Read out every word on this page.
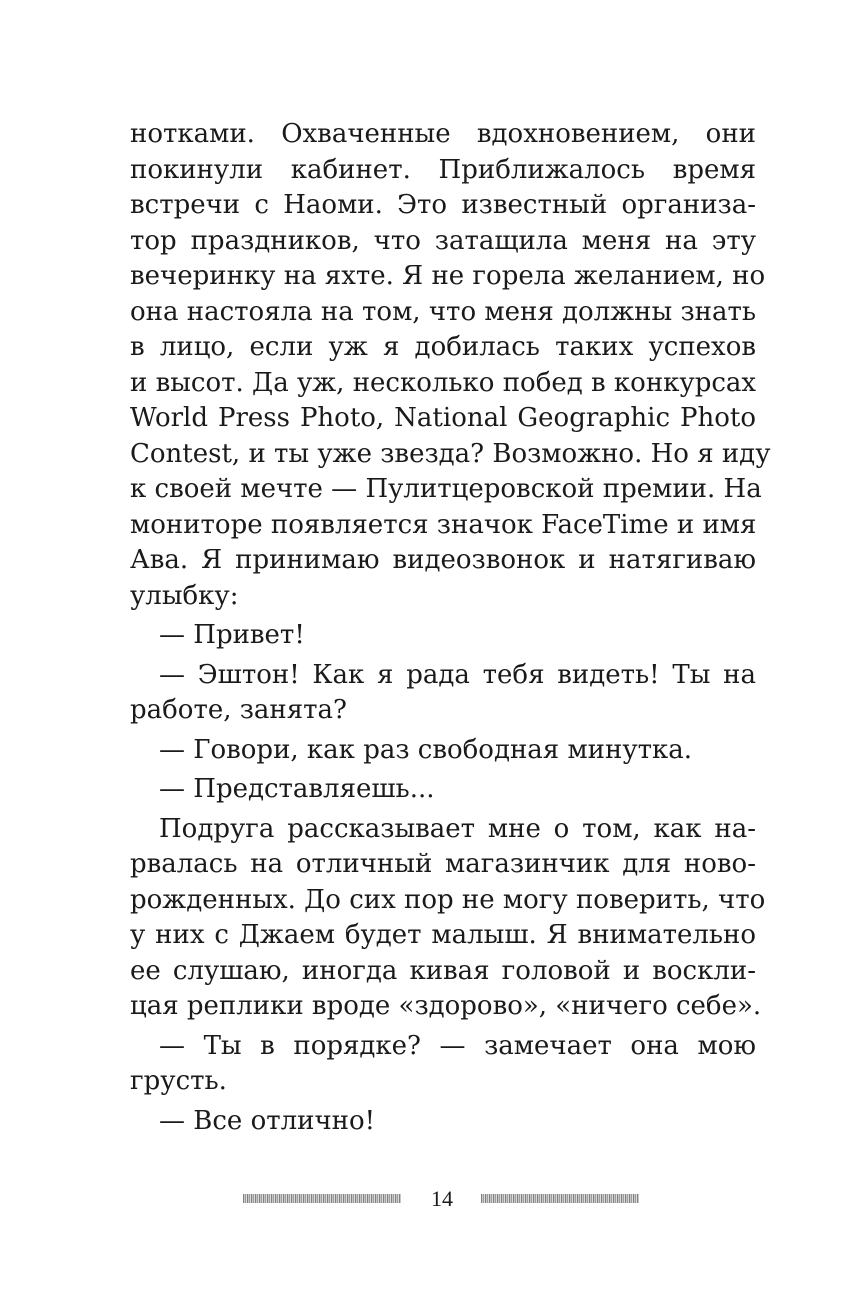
нотками. Охваченные вдохновением, они
покинули кабинет. Приближалось время
встречи с Наоми. Это известный организа-
тор праздников, что затащила меня на эту
вечеринку на яхте. Я не горела желанием, но
она настояла на том, что меня должны знать
в лицо, если уж я добилась таких успехов
и высот. Да уж, несколько побед в конкурсах
World Press Photo, National Geographic Photo
Contest, и ты уже звезда? Возможно. Но я иду
к своей мечте — Пулитцеровской премии. На
мониторе появляется значок FaceTime и имя
Ава. Я принимаю видеозвонок и натягиваю
улыбку:
— Привет!
— Эштон! Как я рада тебя видеть! Ты на
работе, занята?
— Говори, как раз свободная минутка.
— Представляешь...
Подруга рассказывает мне о том, как на-
рвалась на отличный магазинчик для ново-
рожденных. До сих пор не могу поверить, что
у них с Джаем будет малыш. Я внимательно
ее слушаю, иногда кивая головой и воскли-
цая реплики вроде «здорово», «ничего себе».
— Ты в порядке? — замечает она мою
грусть.
— Все отлично!
14
